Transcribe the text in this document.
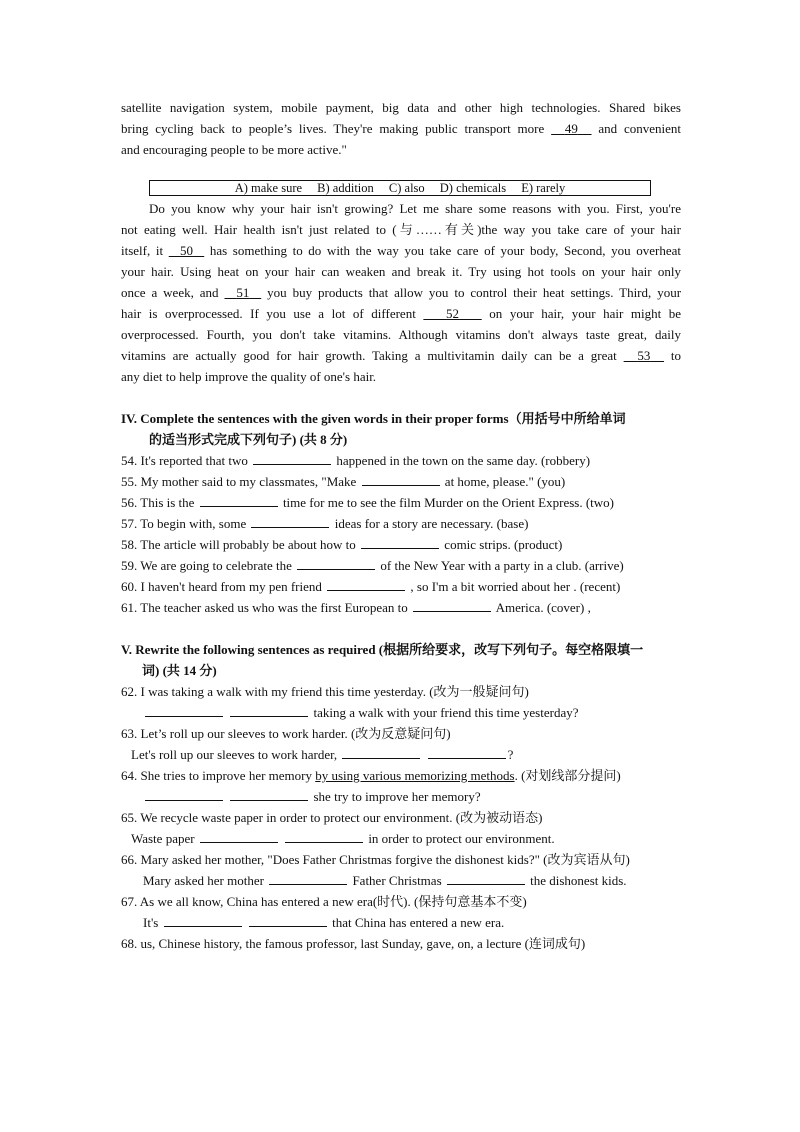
satellite navigation system, mobile payment, big data and other high technologies. Shared bikes
bring cycling back to people’s lives. They're making public transport more   49   and convenient
and encouraging people to be more active."
A) make sure B) addition C) also D) chemicals E) rarely
Do you know why your hair isn't growing? Let me share some reasons with you. First, you're
not eating well. Hair health isn't just related to (与……有关)the way you take care of your hair
itself, it 50 has something to do with the way you take care of your body, Second, you overheat
your hair. Using heat on your hair can weaken and break it. Try using hot tools on your hair only
once a week, and 51 you buy products that allow you to control their heat settings. Third, your
hair is overprocessed. If you use a lot of different 52 on your hair, your hair might be
overprocessed. Fourth, you don't take vitamins. Although vitamins don't always taste great, daily
vitamins are actually good for hair growth. Taking a multivitamin daily can be a great 53 to
any diet to help improve the quality of one's hair.
IV. Complete the sentences with the given words in their proper forms（用括号中所给单词
的适当形式完成下列句子) (共 8 分)
54. It's reported that two	happened in the town on the same day. (robbery)
55. My mother said to my classmates, "Make	at home, please." (you)
56. This is the	time for me to see the film Murder on the Orient Express. (two)
57. To begin with, some	ideas for a story are necessary. (base)
58. The article will probably be about how to	comic strips. (product)
59. We are going to celebrate the	of the New Year with a party in a club. (arrive)
60. I haven't heard from my pen friend	, so I'm a bit worried about her . (recent)
61. The teacher asked us who was the first European to	America. (cover) ,
V. Rewrite the following sentences as required (根据所给要求，改写下列句子。每空格限填一
词) (共 14 分)
62. I was taking a walk with my friend this time yesterday. (改为一般疑问句)
taking a walk with your friend this time yesterday?
63. Let’s roll up our sleeves to work harder. (改为反意疑问句)
Let's roll up our sleeves to work harder,	?
64. She tries to improve her memory by using various memorizing methods. (对划线部分提问)
she try to improve her memory?
65. We recycle waste paper in order to protect our environment. (改为被动语态)
Waste paper	in order to protect our environment.
66. Mary asked her mother, "Does Father Christmas forgive the dishonest kids?" (改为宾语从句)
Mary asked her mother	Father Christmas	the dishonest kids.
67. As we all know, China has entered a new era(时代). (保持句意基本不变)
It's	that China has entered a new era.
68. us, Chinese history, the famous professor, last Sunday, gave, on, a lecture (连词成句)
